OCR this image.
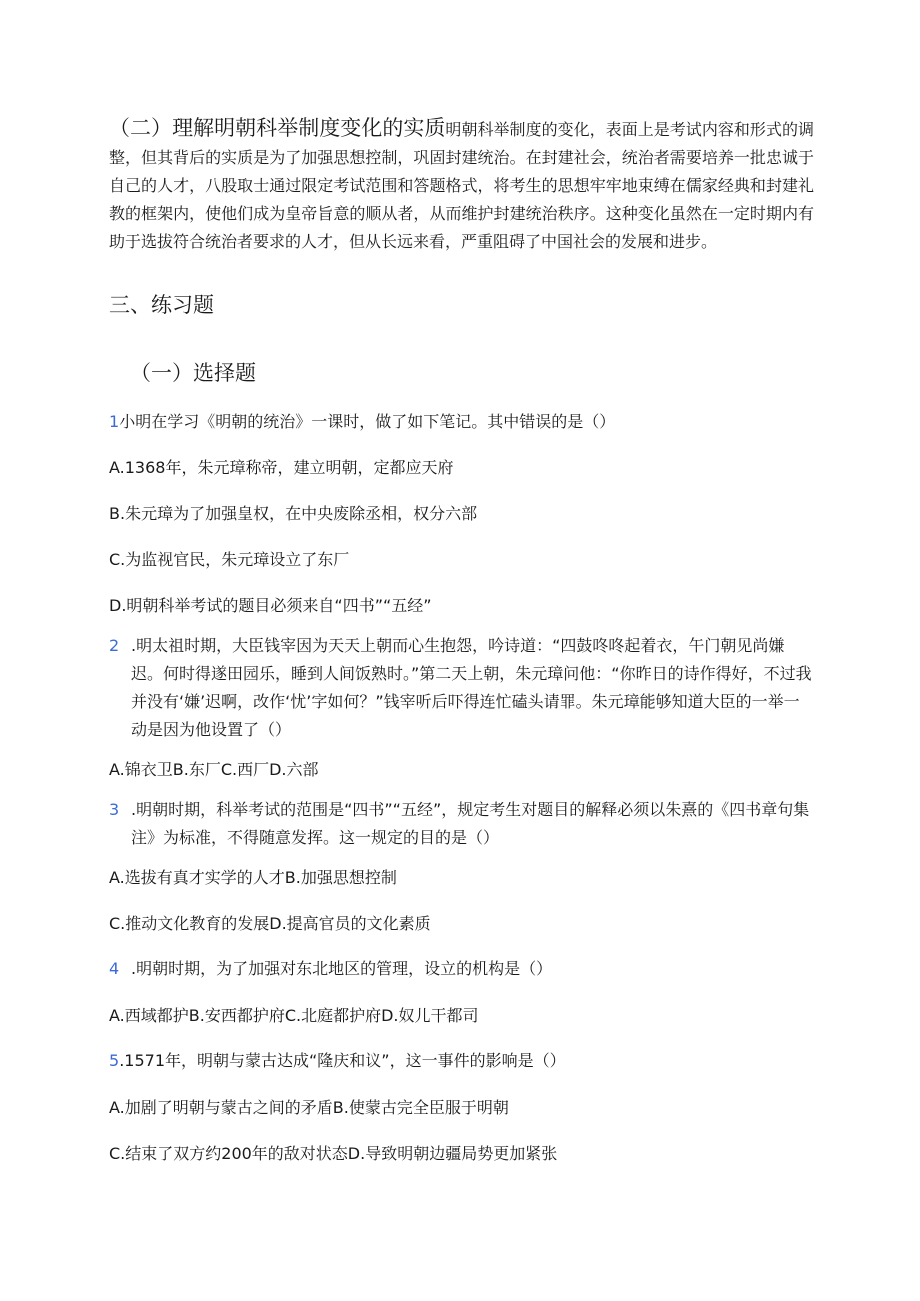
（二）理解明朝科举制度变化的实质明朝科举制度的变化，表面上是考试内容和形式的调整，但其背后的实质是为了加强思想控制，巩固封建统治。在封建社会，统治者需要培养一批忠诚于自己的人才，八股取士通过限定考试范围和答题格式，将考生的思想牢牢地束缚在儒家经典和封建礼教的框架内，使他们成为皇帝旨意的顺从者，从而维护封建统治秩序。这种变化虽然在一定时期内有助于选拔符合统治者要求的人才，但从长远来看，严重阻碍了中国社会的发展和进步。

三、练习题
（一）选择题
1小明在学习《明朝的统治》一课时，做了如下笔记。其中错误的是（）
A.1368年，朱元璋称帝，建立明朝，定都应天府
B.朱元璋为了加强皇权，在中央废除丞相，权分六部
C.为监视官民，朱元璋设立了东厂
D.明朝科举考试的题目必须来自“四书”“五经”
2 .明太祖时期，大臣钱宰因为天天上朝而心生抱怨，吟诗道：“四鼓咚咚起着衣，午门朝见尚嫌迟。何时得遂田园乐，睡到人间饭熟时。”第二天上朝，朱元璋问他：“你昨日的诗作得好，不过我并没有‘嫌’迟啊，改作‘忧’字如何？”钱宰听后吓得连忙磕头请罪。朱元璋能够知道大臣的一举一动是因为他设置了（）
A.锦衣卫B.东厂C.西厂D.六部
3 .明朝时期，科举考试的范围是“四书”“五经”，规定考生对题目的解释必须以朱熹的《四书章句集注》为标准，不得随意发挥。这一规定的目的是（）
A.选拔有真才实学的人才B.加强思想控制
C.推动文化教育的发展D.提高官员的文化素质
4 .明朝时期，为了加强对东北地区的管理，设立的机构是（）
A.西域都护B.安西都护府C.北庭都护府D.奴儿干都司
5.1571年，明朝与蒙古达成“隆庆和议”，这一事件的影响是（）
A.加剧了明朝与蒙古之间的矛盾B.使蒙古完全臣服于明朝
C.结束了双方约200年的敌对状态D.导致明朝边疆局势更加紧张
